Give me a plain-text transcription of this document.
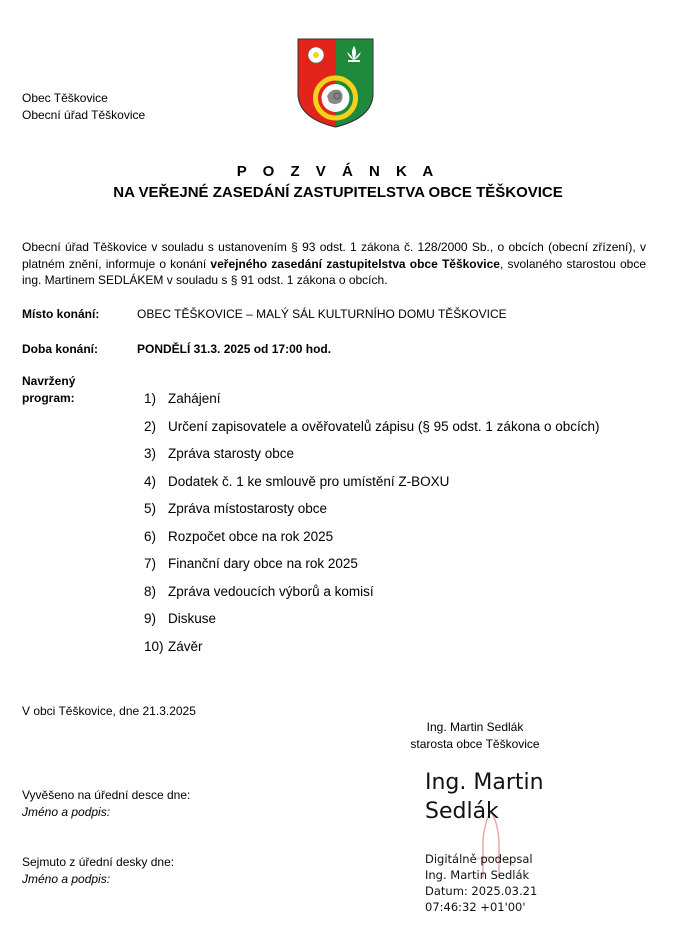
Obec Těškovice
Obecní úřad Těškovice
P O Z V Á N K A
NA VEŘEJNÉ ZASEDÁNÍ ZASTUPITELSTVA OBCE TĚŠKOVICE
Obecní úřad Těškovice v souladu s ustanovením § 93 odst. 1 zákona č. 128/2000 Sb., o obcích (obecní zřízení), v platném znění, informuje o konání veřejného zasedání zastupitelstva obce Těškovice, svolaného starostou obce ing. Martinem SEDLÁKEM v souladu s § 91 odst. 1 zákona o obcích.
Místo konání:	OBEC TĚŠKOVICE – MALÝ SÁL KULTURNÍHO DOMU TĚŠKOVICE
Doba konání:	PONDĚLÍ 31.3. 2025 od 17:00 hod.
Navržený
program:	1) Zahájení
2) Určení zapisovatele a ověřovatelů zápisu (§ 95 odst. 1 zákona o obcích)
3) Zpráva starosty obce
4) Dodatek č. 1 ke smlouvě pro umístění Z-BOXU
5) Zpráva místostarosty obce
6) Rozpočet obce na rok 2025
7) Finanční dary obce na rok 2025
8) Zpráva vedoucích výborů a komisí
9) Diskuse
10) Závěr
V obci Těškovice, dne 21.3.2025
Ing. Martin Sedlák
starosta obce Těškovice
Vyvěšeno na úřední desce dne:
Jméno a podpis:
Sejmuto z úřední desky dne:
Jméno a podpis:
Ing. Martin
Sedlák
Digitálně podepsal
Ing. Martin Sedlák
Datum: 2025.03.21
07:46:32 +01'00'
